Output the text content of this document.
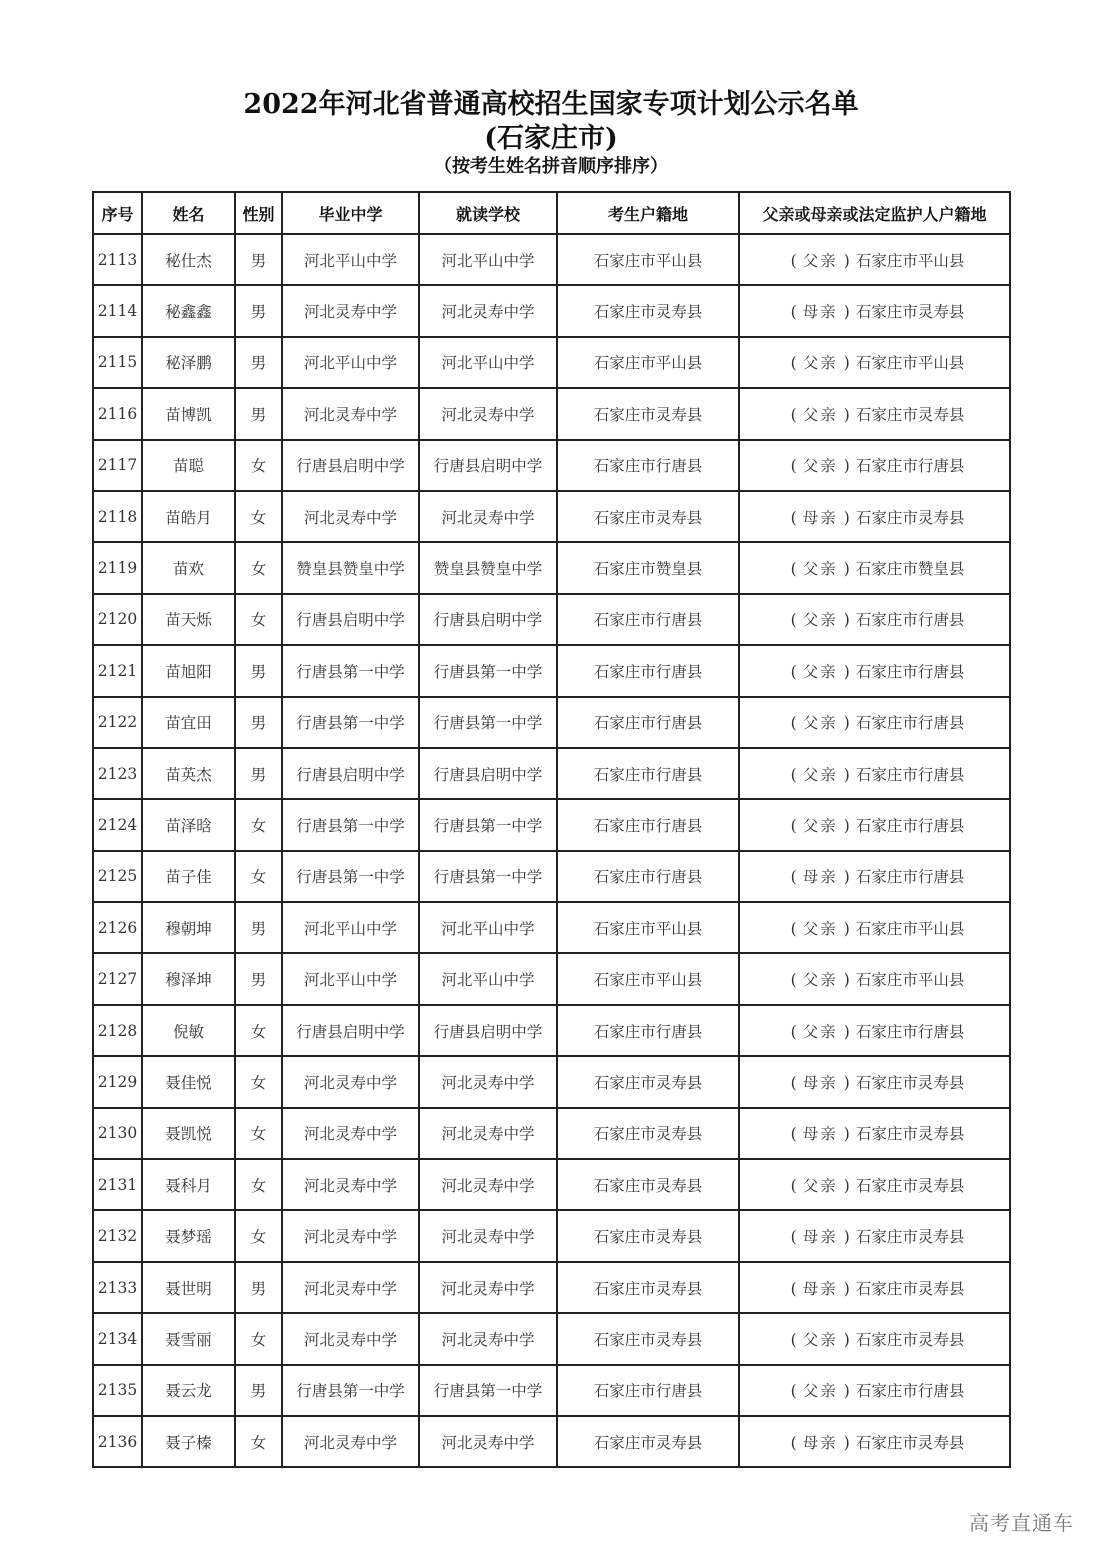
2022年河北省普通高校招生国家专项计划公示名单
(石家庄市)
（按考生姓名拼音顺序排序）
序号	姓名	性别	毕业中学	就读学校	考生户籍地	父亲或母亲或法定监护人户籍地
2113	秘仕杰	男	河北平山中学	河北平山中学	石家庄市平山县	( 父亲 ) 石家庄市平山县
2114	秘鑫鑫	男	河北灵寿中学	河北灵寿中学	石家庄市灵寿县	( 母亲 ) 石家庄市灵寿县
2115	秘泽鹏	男	河北平山中学	河北平山中学	石家庄市平山县	( 父亲 ) 石家庄市平山县
2116	苗博凯	男	河北灵寿中学	河北灵寿中学	石家庄市灵寿县	( 父亲 ) 石家庄市灵寿县
2117	苗聪	女	行唐县启明中学	行唐县启明中学	石家庄市行唐县	( 父亲 ) 石家庄市行唐县
2118	苗皓月	女	河北灵寿中学	河北灵寿中学	石家庄市灵寿县	( 母亲 ) 石家庄市灵寿县
2119	苗欢	女	赞皇县赞皇中学	赞皇县赞皇中学	石家庄市赞皇县	( 父亲 ) 石家庄市赞皇县
2120	苗天烁	女	行唐县启明中学	行唐县启明中学	石家庄市行唐县	( 父亲 ) 石家庄市行唐县
2121	苗旭阳	男	行唐县第一中学	行唐县第一中学	石家庄市行唐县	( 父亲 ) 石家庄市行唐县
2122	苗宜田	男	行唐县第一中学	行唐县第一中学	石家庄市行唐县	( 父亲 ) 石家庄市行唐县
2123	苗英杰	男	行唐县启明中学	行唐县启明中学	石家庄市行唐县	( 父亲 ) 石家庄市行唐县
2124	苗泽晗	女	行唐县第一中学	行唐县第一中学	石家庄市行唐县	( 父亲 ) 石家庄市行唐县
2125	苗子佳	女	行唐县第一中学	行唐县第一中学	石家庄市行唐县	( 母亲 ) 石家庄市行唐县
2126	穆朝坤	男	河北平山中学	河北平山中学	石家庄市平山县	( 父亲 ) 石家庄市平山县
2127	穆泽坤	男	河北平山中学	河北平山中学	石家庄市平山县	( 父亲 ) 石家庄市平山县
2128	倪敏	女	行唐县启明中学	行唐县启明中学	石家庄市行唐县	( 父亲 ) 石家庄市行唐县
2129	聂佳悦	女	河北灵寿中学	河北灵寿中学	石家庄市灵寿县	( 母亲 ) 石家庄市灵寿县
2130	聂凯悦	女	河北灵寿中学	河北灵寿中学	石家庄市灵寿县	( 母亲 ) 石家庄市灵寿县
2131	聂科月	女	河北灵寿中学	河北灵寿中学	石家庄市灵寿县	( 父亲 ) 石家庄市灵寿县
2132	聂梦瑶	女	河北灵寿中学	河北灵寿中学	石家庄市灵寿县	( 母亲 ) 石家庄市灵寿县
2133	聂世明	男	河北灵寿中学	河北灵寿中学	石家庄市灵寿县	( 母亲 ) 石家庄市灵寿县
2134	聂雪丽	女	河北灵寿中学	河北灵寿中学	石家庄市灵寿县	( 父亲 ) 石家庄市灵寿县
2135	聂云龙	男	行唐县第一中学	行唐县第一中学	石家庄市行唐县	( 父亲 ) 石家庄市行唐县
2136	聂子榛	女	河北灵寿中学	河北灵寿中学	石家庄市灵寿县	( 母亲 ) 石家庄市灵寿县
高考直通车
